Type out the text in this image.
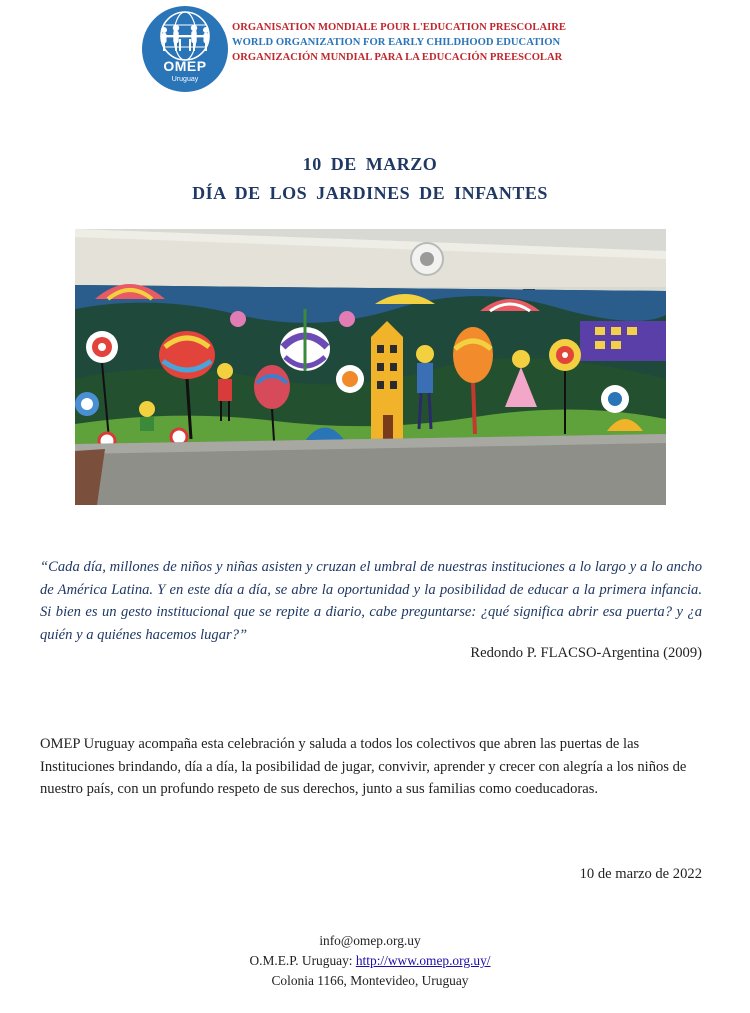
OMEP
Uruguay
ORGANISATION MONDIALE POUR L'EDUCATION PRESCOLAIRE
WORLD ORGANIZATION FOR EARLY CHILDHOOD EDUCATION
ORGANIZACIÓN MUNDIAL PARA LA EDUCACIÓN PREESCOLAR
10 DE MARZO
DÍA DE LOS JARDINES DE INFANTES
“Cada día, millones de niños y niñas asisten y cruzan el umbral de nuestras instituciones a lo largo y a lo ancho de América Latina. Y en este día a día, se abre la oportunidad y la posibilidad de educar a la primera infancia. Si bien es un gesto institucional que se repite a diario, cabe preguntarse: ¿qué significa abrir esa puerta? y ¿a quién y a quiénes hacemos lugar?”
Redondo P. FLACSO-Argentina (2009)
OMEP Uruguay acompaña esta celebración y saluda a todos los colectivos que abren las puertas de las Instituciones brindando, día a día, la posibilidad de jugar, convivir, aprender y crecer con alegría a los niños de nuestro país, con un profundo respeto de sus derechos, junto a sus familias como coeducadoras.
10 de marzo de 2022
info@omep.org.uy
O.M.E.P. Uruguay: http://www.omep.org.uy/
Colonia 1166, Montevideo, Uruguay
